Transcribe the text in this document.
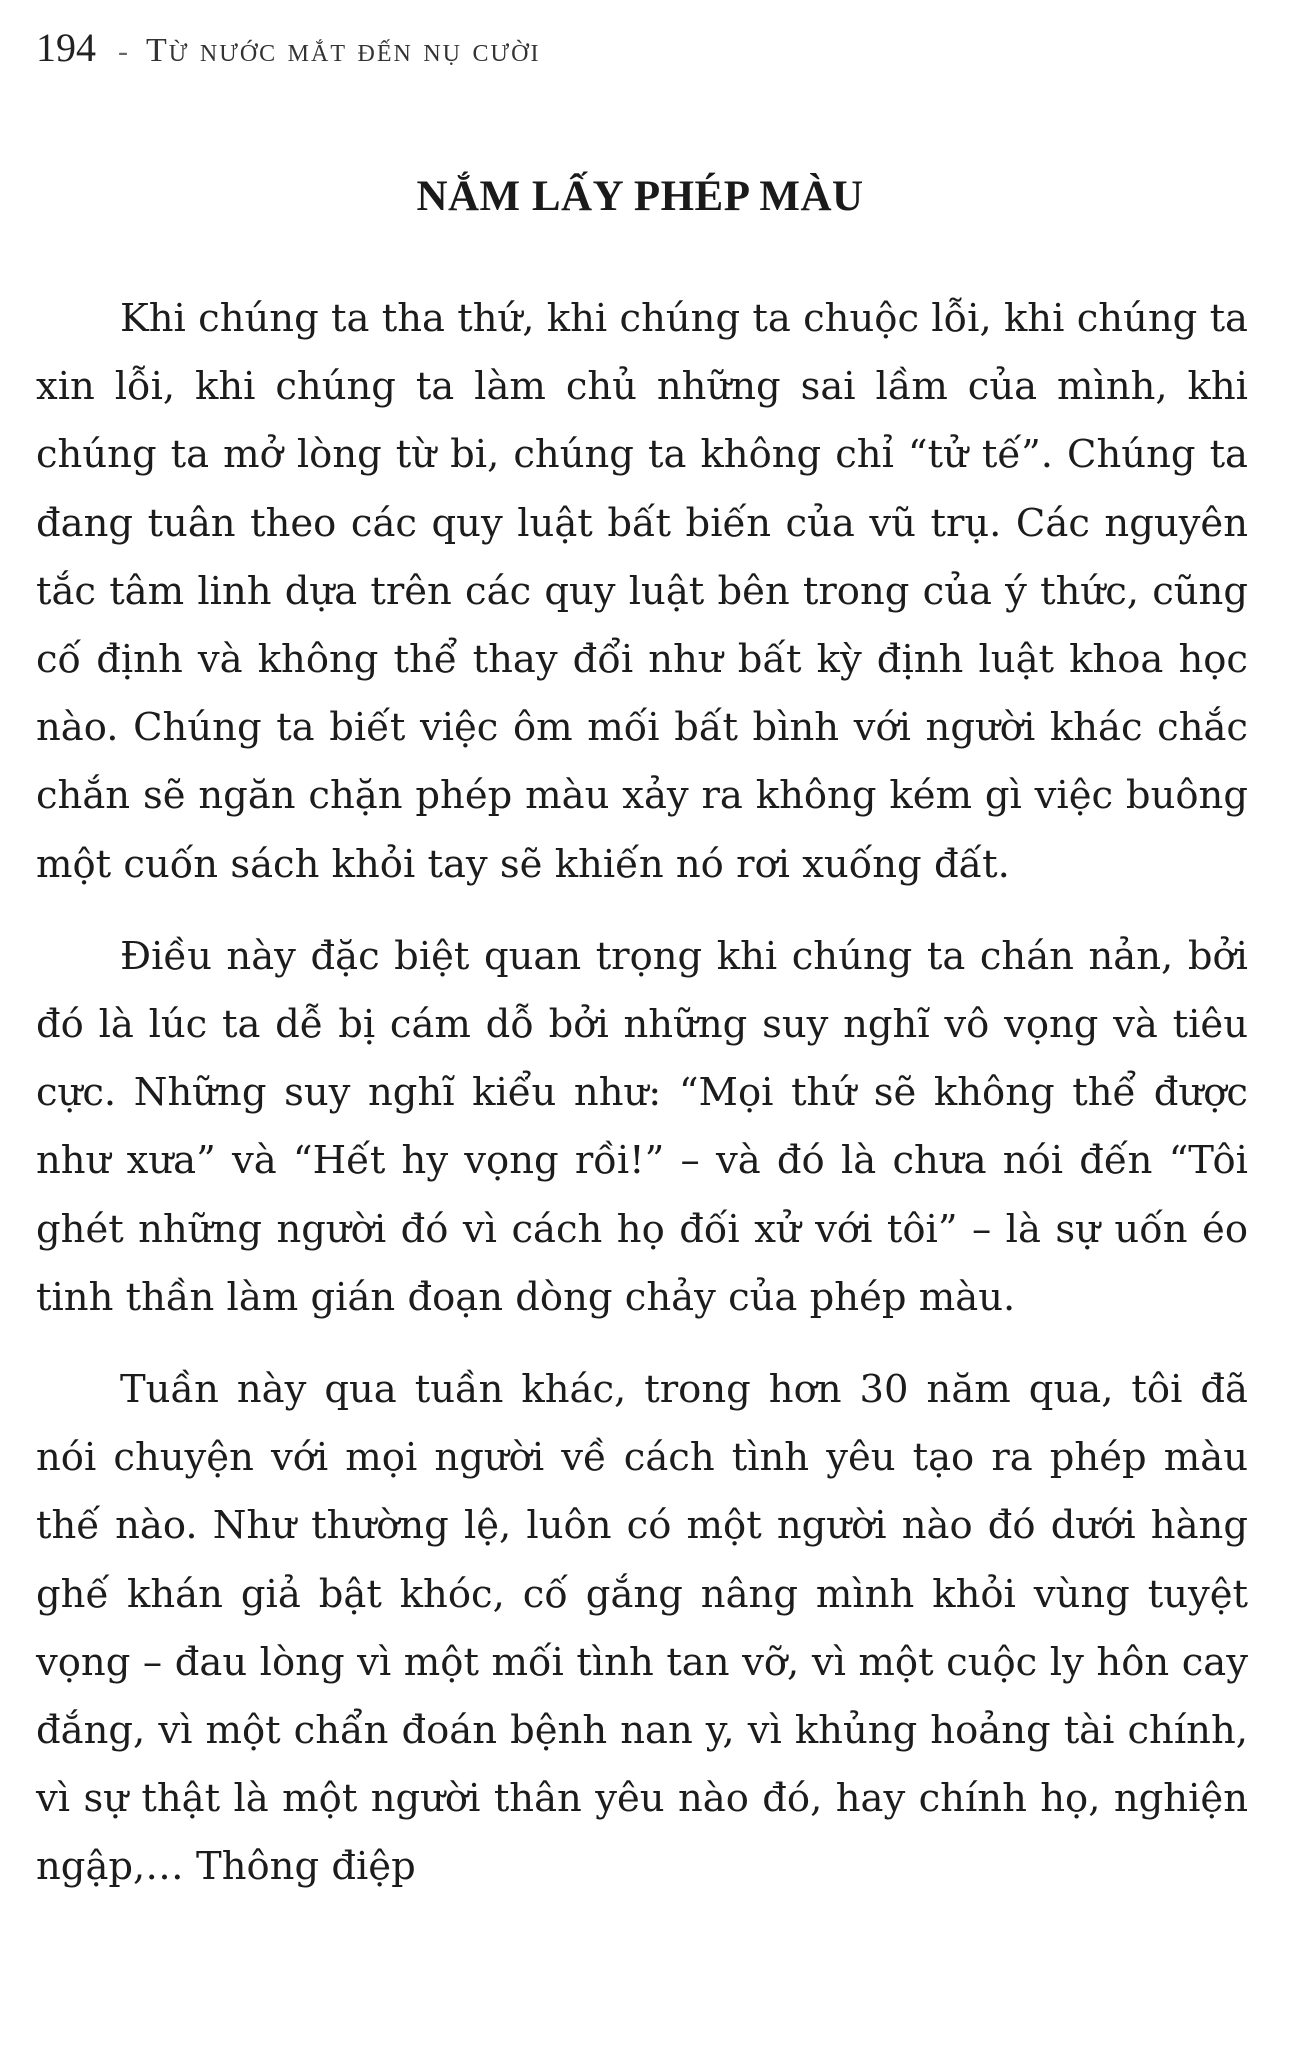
194 - Từ nước mắt đến nụ cười
NẮM LẤY PHÉP MÀU

Khi chúng ta tha thứ, khi chúng ta chuộc lỗi, khi chúng ta xin lỗi, khi chúng ta làm chủ những sai lầm của mình, khi chúng ta mở lòng từ bi, chúng ta không chỉ “tử tế”. Chúng ta đang tuân theo các quy luật bất biến của vũ trụ. Các nguyên tắc tâm linh dựa trên các quy luật bên trong của ý thức, cũng cố định và không thể thay đổi như bất kỳ định luật khoa học nào. Chúng ta biết việc ôm mối bất bình với người khác chắc chắn sẽ ngăn chặn phép màu xảy ra không kém gì việc buông một cuốn sách khỏi tay sẽ khiến nó rơi xuống đất.

Điều này đặc biệt quan trọng khi chúng ta chán nản, bởi đó là lúc ta dễ bị cám dỗ bởi những suy nghĩ vô vọng và tiêu cực. Những suy nghĩ kiểu như: “Mọi thứ sẽ không thể được như xưa” và “Hết hy vọng rồi!” – và đó là chưa nói đến “Tôi ghét những người đó vì cách họ đối xử với tôi” – là sự uốn éo tinh thần làm gián đoạn dòng chảy của phép màu.

Tuần này qua tuần khác, trong hơn 30 năm qua, tôi đã nói chuyện với mọi người về cách tình yêu tạo ra phép màu thế nào. Như thường lệ, luôn có một người nào đó dưới hàng ghế khán giả bật khóc, cố gắng nâng mình khỏi vùng tuyệt vọng – đau lòng vì một mối tình tan vỡ, vì một cuộc ly hôn cay đắng, vì một chẩn đoán bệnh nan y, vì khủng hoảng tài chính, vì sự thật là một người thân yêu nào đó, hay chính họ, nghiện ngập,… Thông điệp
